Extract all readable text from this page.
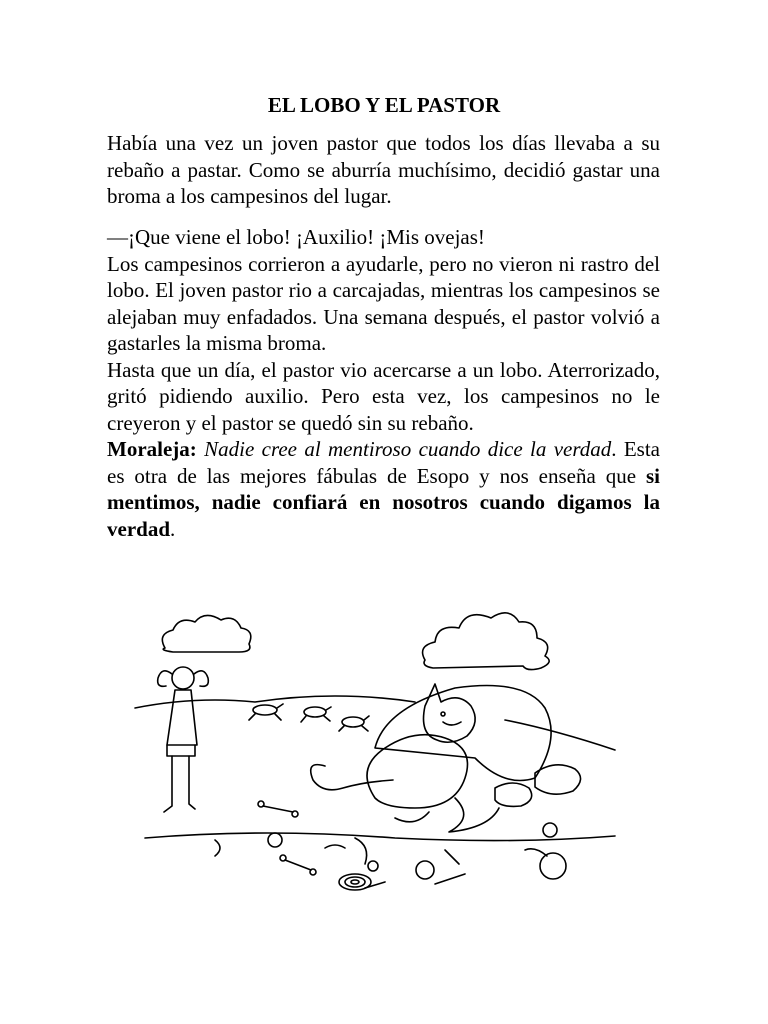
EL LOBO Y EL PASTOR

Había una vez un joven pastor que todos los días llevaba a su rebaño a pastar. Como se aburría muchísimo, decidió gastar una broma a los campesinos del lugar.

—¡Que viene el lobo! ¡Auxilio! ¡Mis ovejas!
Los campesinos corrieron a ayudarle, pero no vieron ni rastro del lobo. El joven pastor rio a carcajadas, mientras los campesinos se alejaban muy enfadados. Una semana después, el pastor volvió a gastarles la misma broma.
Hasta que un día, el pastor vio acercarse a un lobo. Aterrorizado, gritó pidiendo auxilio. Pero esta vez, los campesinos no le creyeron y el pastor se quedó sin su rebaño.
Moraleja: Nadie cree al mentiroso cuando dice la verdad. Esta es otra de las mejores fábulas de Esopo y nos enseña que si mentimos, nadie confiará en nosotros cuando digamos la verdad.
